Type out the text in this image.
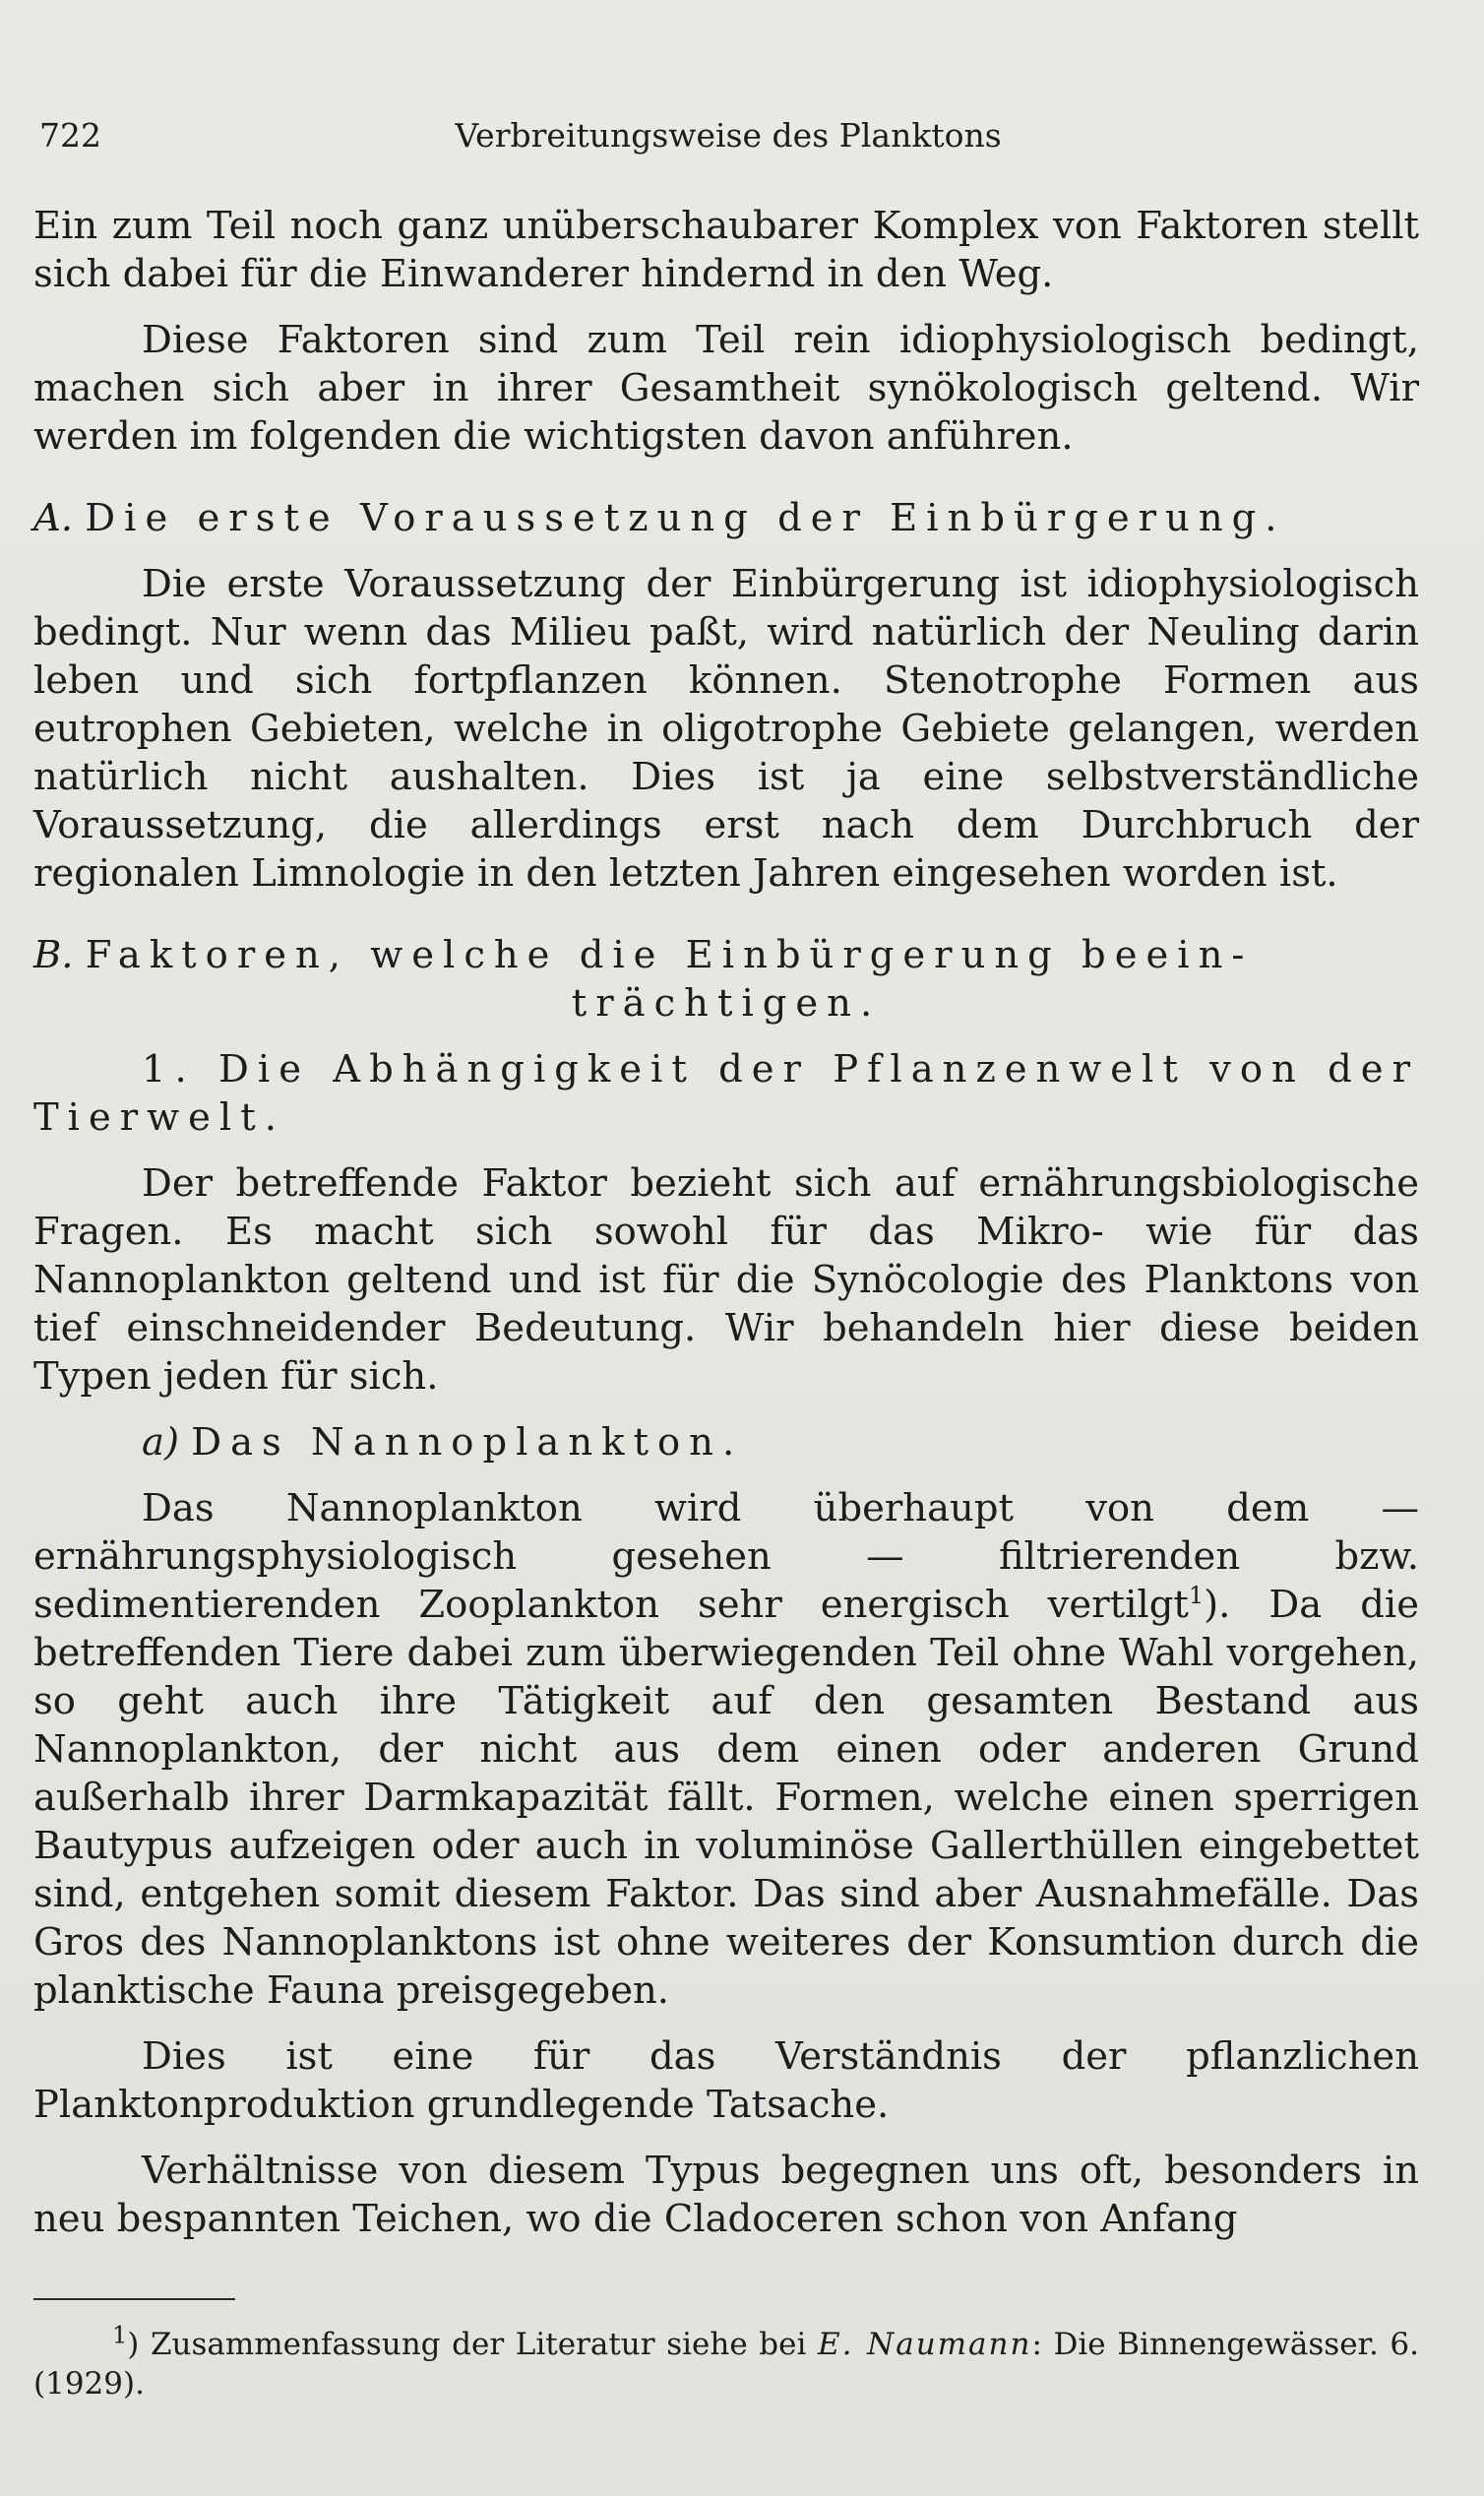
722	Verbreitungsweise des Planktons

Ein zum Teil noch ganz unüberschaubarer Komplex von Faktoren stellt sich dabei für die Einwanderer hindernd in den Weg.

Diese Faktoren sind zum Teil rein idiophysiologisch bedingt, machen sich aber in ihrer Gesamtheit synökologisch geltend. Wir werden im folgenden die wichtigsten davon anführen.

A. Die erste Voraussetzung der Einbürgerung.

Die erste Voraussetzung der Einbürgerung ist idiophysiologisch bedingt. Nur wenn das Milieu paßt, wird natürlich der Neuling darin leben und sich fortpflanzen können. Stenotrophe Formen aus eutrophen Gebieten, welche in oligotrophe Gebiete gelangen, werden natürlich nicht aushalten. Dies ist ja eine selbstverständliche Voraussetzung, die allerdings erst nach dem Durchbruch der regionalen Limnologie in den letzten Jahren eingesehen worden ist.

B. Faktoren, welche die Einbürgerung beein-

trächtigen.

1. Die Abhängigkeit der Pflanzenwelt von der Tierwelt.

Der betreffende Faktor bezieht sich auf ernährungsbiologische Fragen. Es macht sich sowohl für das Mikro- wie für das Nannoplankton geltend und ist für die Synöcologie des Planktons von tief einschneidender Bedeutung. Wir behandeln hier diese beiden Typen jeden für sich.

a) Das Nannoplankton.

Das Nannoplankton wird überhaupt von dem — ernährungsphysiologisch gesehen — filtrierenden bzw. sedimentierenden Zooplankton sehr energisch vertilgt$^1$). Da die betreffenden Tiere dabei zum überwiegenden Teil ohne Wahl vorgehen, so geht auch ihre Tätigkeit auf den gesamten Bestand aus Nannoplankton, der nicht aus dem einen oder anderen Grund außerhalb ihrer Darmkapazität fällt. Formen, welche einen sperrigen Bautypus aufzeigen oder auch in voluminöse Gallerthüllen eingebettet sind, entgehen somit diesem Faktor. Das sind aber Ausnahmefälle. Das Gros des Nannoplanktons ist ohne weiteres der Konsumtion durch die planktische Fauna preisgegeben.

Dies ist eine für das Verständnis der pflanzlichen Planktonproduktion grundlegende Tatsache.

Verhältnisse von diesem Typus begegnen uns oft, besonders in neu bespannten Teichen, wo die Cladoceren schon von Anfang

$^1$) Zusammenfassung der Literatur siehe bei E. Naumann: Die Binnengewässer. 6. (1929).
